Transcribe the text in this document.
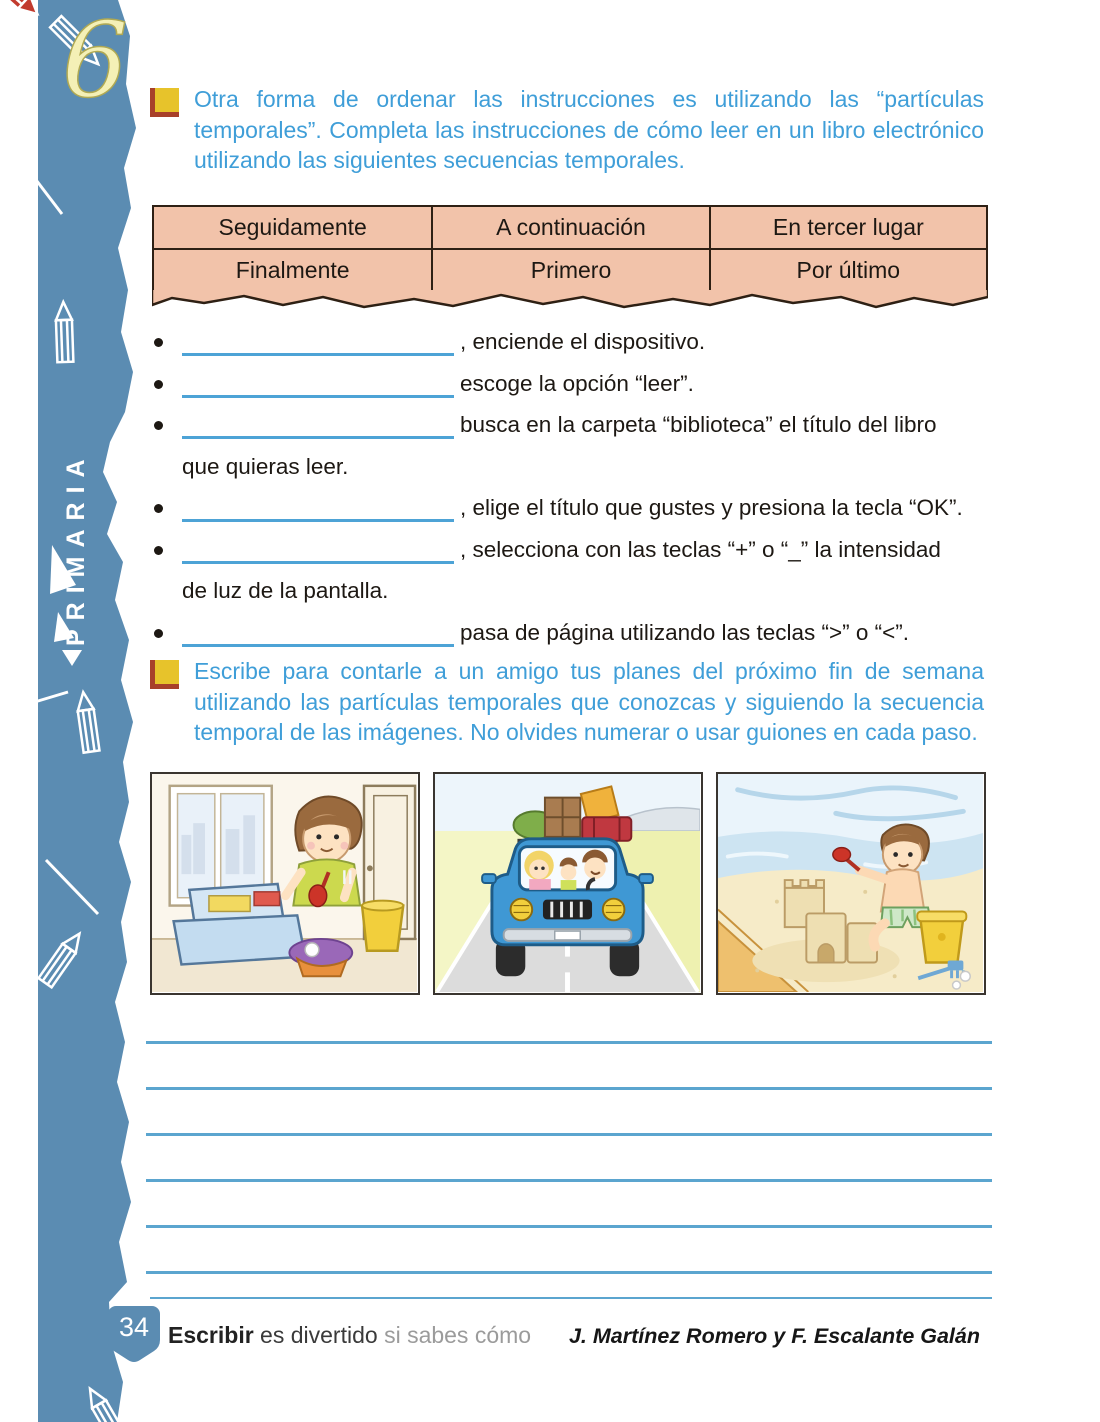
6
PRIMARIA

Otra forma de ordenar las instrucciones es utilizando las “partículas temporales”. Completa las instrucciones de cómo leer en un libro electrónico utilizando las siguientes secuencias temporales.

Seguidamente	A continuación	En tercer lugar
Finalmente	Primero	Por último
, enciende el dispositivo.
escoge la opción “leer”.
busca en la carpeta “biblioteca” el título del libro
que quieras leer.
, elige el título que gustes y presiona la tecla “OK”.
, selecciona con las teclas “+” o “_” la intensidad
de luz de la pantalla.
pasa de página utilizando las teclas “>” o “<”.

Escribe para contarle a un amigo tus planes del próximo fin de semana utilizando las partículas temporales que conozcas y siguiendo la secuencia temporal de las imágenes. No olvides numerar o usar guiones en cada paso.

34 Escribir es divertido si sabes cómo J. Martínez Romero y F. Escalante Galán
